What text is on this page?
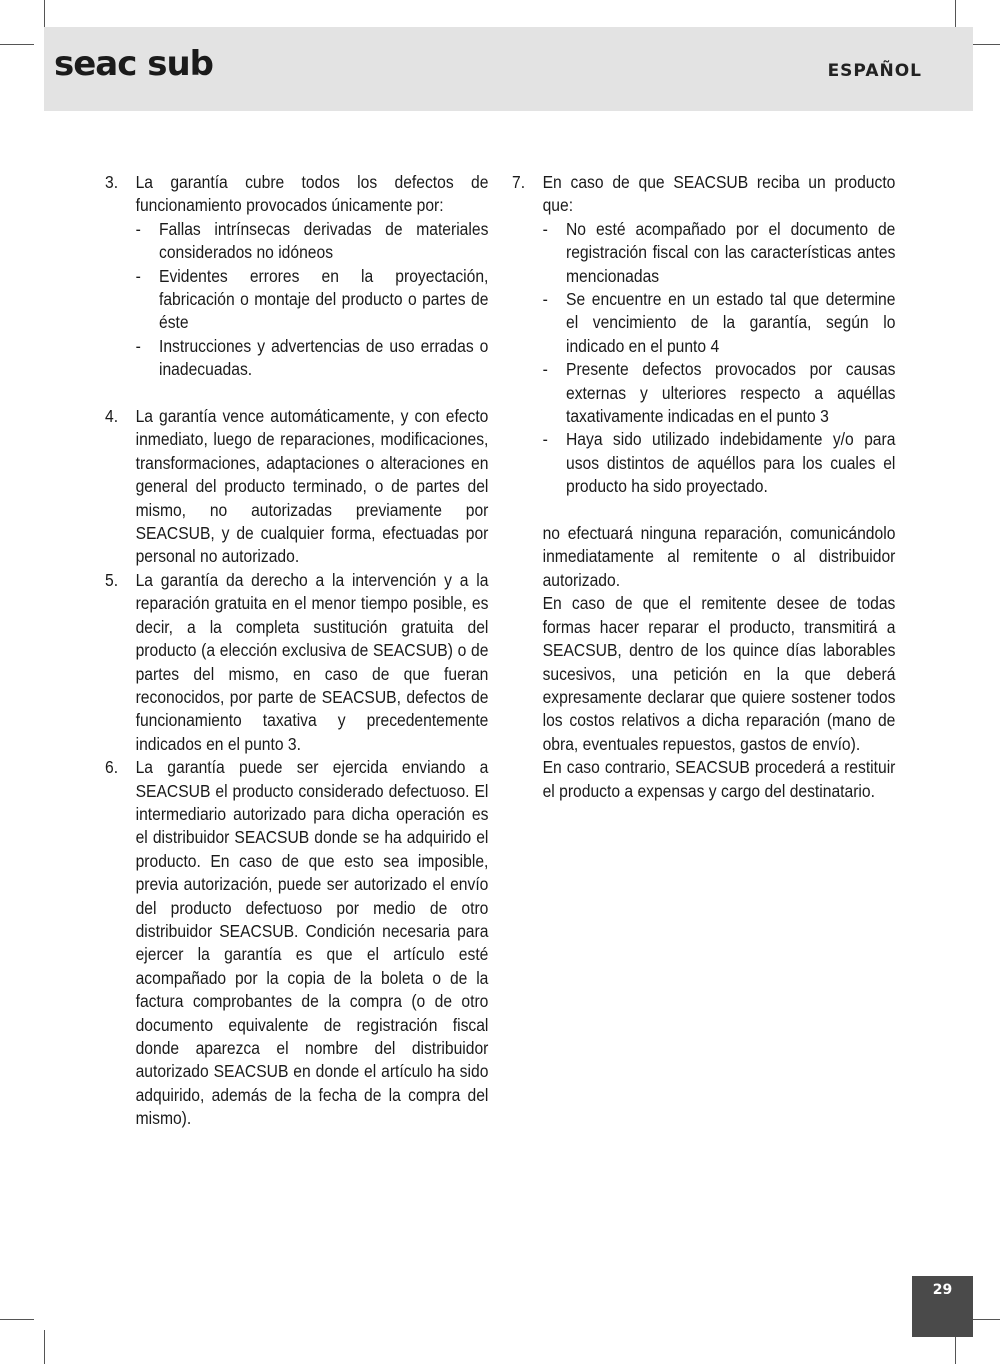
seac sub	ESPAÑOL
3.	La garantía cubre todos los defectos de funcionamiento provocados únicamente por:
-	Fallas intrínsecas derivadas de materiales considerados no idóneos
-	Evidentes errores en la proyectación, fabricación o montaje del producto o partes de éste
-	Instrucciones y advertencias de uso erradas o inadecuadas.
4.	La garantía vence automáticamente, y con efecto inmediato, luego de reparaciones, modificaciones, transformaciones, adaptaciones o alteraciones en general del producto terminado, o de partes del mismo, no autorizadas previamente por SEACSUB, y de cualquier forma, efectuadas por personal no autorizado.
5.	La garantía da derecho a la intervención y a la reparación gratuita en el menor tiempo posible, es decir, a la completa sustitución gratuita del producto (a elección exclusiva de SEACSUB) o de partes del mismo, en caso de que fueran reconocidos, por parte de SEACSUB, defectos de funcionamiento taxativa y precedentemente indicados en el punto 3.
6.	La garantía puede ser ejercida enviando a SEACSUB el producto considerado defectuoso. El intermediario autorizado para dicha operación es el distribuidor SEACSUB donde se ha adquirido el producto. En caso de que esto sea imposible, previa autorización, puede ser autorizado el envío del producto defectuoso por medio de otro distribuidor SEACSUB. Condición necesaria para ejercer la garantía es que el artículo esté acompañado por la copia de la boleta o de la factura comprobantes de la compra (o de otro documento equivalente de registración fiscal donde aparezca el nombre del distribuidor autorizado SEACSUB en donde el artículo ha sido adquirido, además de la fecha de la compra del mismo).
7.	En caso de que SEACSUB reciba un producto que:
-	No esté acompañado por el documento de registración fiscal con las características antes mencionadas
-	Se encuentre en un estado tal que determine el vencimiento de la garantía, según lo indicado en el punto 4
-	Presente defectos provocados por causas externas y ulteriores respecto a aquéllas taxativamente indicadas en el punto 3
-	Haya sido utilizado indebidamente y/o para usos distintos de aquéllos para los cuales el producto ha sido proyectado.
no efectuará ninguna reparación, comunicándolo inmediatamente al remitente o al distribuidor autorizado.
En caso de que el remitente desee de todas formas hacer reparar el producto, transmitirá a SEACSUB, dentro de los quince días laborables sucesivos, una petición en la que deberá expresamente declarar que quiere sostener todos los costos relativos a dicha reparación (mano de obra, eventuales repuestos, gastos de envío).
En caso contrario, SEACSUB procederá a restituir el producto a expensas y cargo del destinatario.
29
